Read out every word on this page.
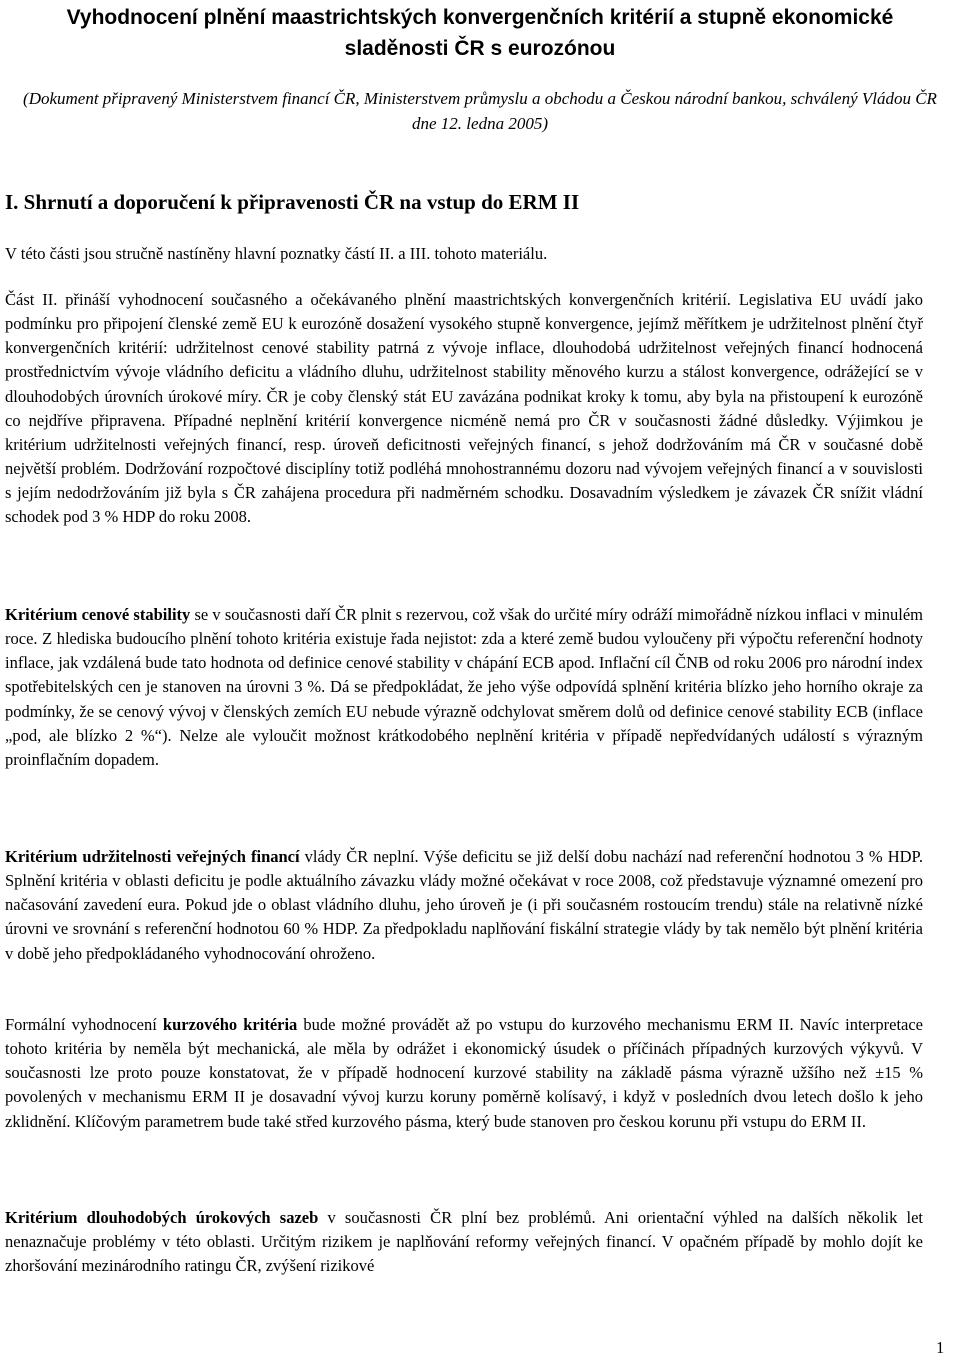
Vyhodnocení plnění maastrichtských konvergenčních kritérií a stupně ekonomické sladěnosti ČR s eurozónou

(Dokument připravený Ministerstvem financí ČR, Ministerstvem průmyslu a obchodu a Českou národní bankou, schválený Vládou ČR dne 12. ledna 2005)

I. Shrnutí a doporučení k připravenosti ČR na vstup do ERM II

V této části jsou stručně nastíněny hlavní poznatky částí II. a III. tohoto materiálu.

Část II. přináší vyhodnocení současného a očekávaného plnění maastrichtských konvergenčních kritérií. Legislativa EU uvádí jako podmínku pro připojení členské země EU k eurozóně dosažení vysokého stupně konvergence, jejímž měřítkem je udržitelnost plnění čtyř konvergenčních kritérií: udržitelnost cenové stability patrná z vývoje inflace, dlouhodobá udržitelnost veřejných financí hodnocená prostřednictvím vývoje vládního deficitu a vládního dluhu, udržitelnost stability měnového kurzu a stálost konvergence, odrážející se v dlouhodobých úrovních úrokové míry. ČR je coby členský stát EU zavázána podnikat kroky k tomu, aby byla na přistoupení k eurozóně co nejdříve připravena. Případné neplnění kritérií konvergence nicméně nemá pro ČR v současnosti žádné důsledky. Výjimkou je kritérium udržitelnosti veřejných financí, resp. úroveň deficitnosti veřejných financí, s jehož dodržováním má ČR v současné době největší problém. Dodržování rozpočtové disciplíny totiž podléhá mnohostrannému dozoru nad vývojem veřejných financí a v souvislosti s jejím nedodržováním již byla s ČR zahájena procedura při nadměrném schodku. Dosavadním výsledkem je závazek ČR snížit vládní schodek pod 3 % HDP do roku 2008.

Kritérium cenové stability se v současnosti daří ČR plnit s rezervou, což však do určité míry odráží mimořádně nízkou inflaci v minulém roce. Z hlediska budoucího plnění tohoto kritéria existuje řada nejistot: zda a které země budou vyloučeny při výpočtu referenční hodnoty inflace, jak vzdálená bude tato hodnota od definice cenové stability v chápání ECB apod. Inflační cíl ČNB od roku 2006 pro národní index spotřebitelských cen je stanoven na úrovni 3 %. Dá se předpokládat, že jeho výše odpovídá splnění kritéria blízko jeho horního okraje za podmínky, že se cenový vývoj v členských zemích EU nebude výrazně odchylovat směrem dolů od definice cenové stability ECB (inflace „pod, ale blízko 2 %“). Nelze ale vyloučit možnost krátkodobého neplnění kritéria v případě nepředvídaných událostí s výrazným proinflačním dopadem.

Kritérium udržitelnosti veřejných financí vlády ČR neplní. Výše deficitu se již delší dobu nachází nad referenční hodnotou 3 % HDP. Splnění kritéria v oblasti deficitu je podle aktuálního závazku vlády možné očekávat v roce 2008, což představuje významné omezení pro načasování zavedení eura. Pokud jde o oblast vládního dluhu, jeho úroveň je (i při současném rostoucím trendu) stále na relativně nízké úrovni ve srovnání s referenční hodnotou 60 % HDP. Za předpokladu naplňování fiskální strategie vlády by tak nemělo být plnění kritéria v době jeho předpokládaného vyhodnocování ohroženo.

Formální vyhodnocení kurzového kritéria bude možné provádět až po vstupu do kurzového mechanismu ERM II. Navíc interpretace tohoto kritéria by neměla být mechanická, ale měla by odrážet i ekonomický úsudek o příčinách případných kurzových výkyvů. V současnosti lze proto pouze konstatovat, že v případě hodnocení kurzové stability na základě pásma výrazně užšího než ±15 % povolených v mechanismu ERM II je dosavadní vývoj kurzu koruny poměrně kolísavý, i když v posledních dvou letech došlo k jeho zklidnění. Klíčovým parametrem bude také střed kurzového pásma, který bude stanoven pro českou korunu při vstupu do ERM II.

Kritérium dlouhodobých úrokových sazeb v současnosti ČR plní bez problémů. Ani orientační výhled na dalších několik let nenaznačuje problémy v této oblasti. Určitým rizikem je naplňování reformy veřejných financí. V opačném případě by mohlo dojít ke zhoršování mezinárodního ratingu ČR, zvýšení rizikové

1
